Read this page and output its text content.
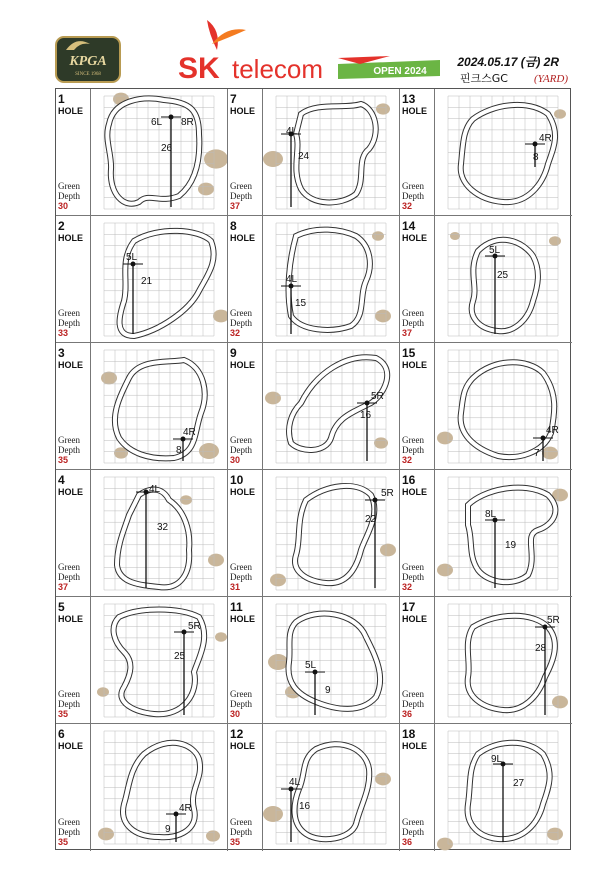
KPGA
SINCE 1968	SK telecom	OPEN 2024
2024.05.17 (금) 2R
핀크스GC (YARD)
1
HOLE
Green
Depth
30
6L 8R
26
2
HOLE
Green
Depth
33
5L
21
3
HOLE
Green
Depth
35
4R
8
4
HOLE
Green
Depth
37
4L
32
5
HOLE
Green
Depth
35
5R
25
6
HOLE
Green
Depth
35
4R
9
7
HOLE
Green
Depth
37
4L
24
8
HOLE
Green
Depth
32
4L
15
9
HOLE
Green
Depth
30
5R
16
10
HOLE
Green
Depth
31
5R
22
11
HOLE
Green
Depth
30
5L
9
12
HOLE
Green
Depth
35
4L
16
13
HOLE
Green
Depth
32
4R
8
14
HOLE
Green
Depth
37
5L
25
15
HOLE
Green
Depth
32
4R
7
16
HOLE
Green
Depth
32
8L
19
17
HOLE
Green
Depth
36
5R
28
18
HOLE
Green
Depth
36
9L
27
